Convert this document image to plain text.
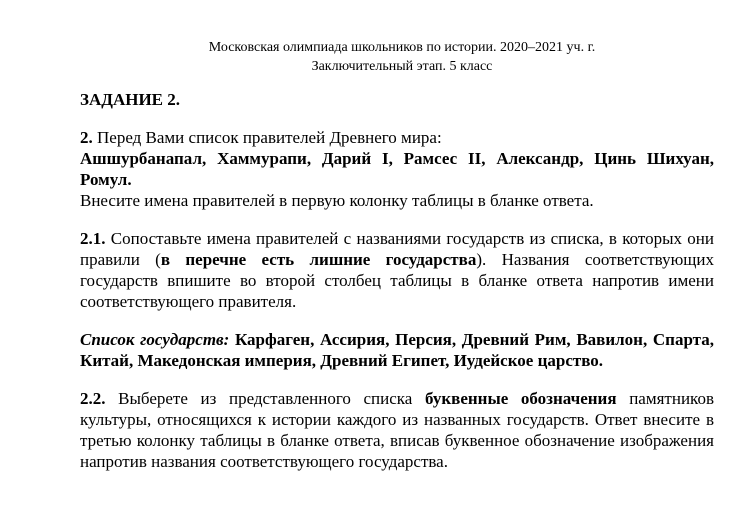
Московская олимпиада школьников по истории. 2020–2021 уч. г.
Заключительный этап. 5 класс
ЗАДАНИЕ 2.

2. Перед Вами список правителей Древнего мира:

Ашшурбанапал, Хаммурапи, Дарий I, Рамсес II, Александр, Цинь Шихуан, Ромул.

Внесите имена правителей в первую колонку таблицы в бланке ответа.

2.1. Сопоставьте имена правителей с названиями государств из списка, в которых они правили (в перечне есть лишние государства). Названия соответствующих государств впишите во второй столбец таблицы в бланке ответа напротив имени соответствующего правителя.

Список государств: Карфаген, Ассирия, Персия, Древний Рим, Вавилон, Спарта, Китай, Македонская империя, Древний Египет, Иудейское царство.

2.2. Выберете из представленного списка буквенные обозначения памятников культуры, относящихся к истории каждого из названных государств. Ответ внесите в третью колонку таблицы в бланке ответа, вписав буквенное обозначение изображения напротив названия соответствующего государства.
